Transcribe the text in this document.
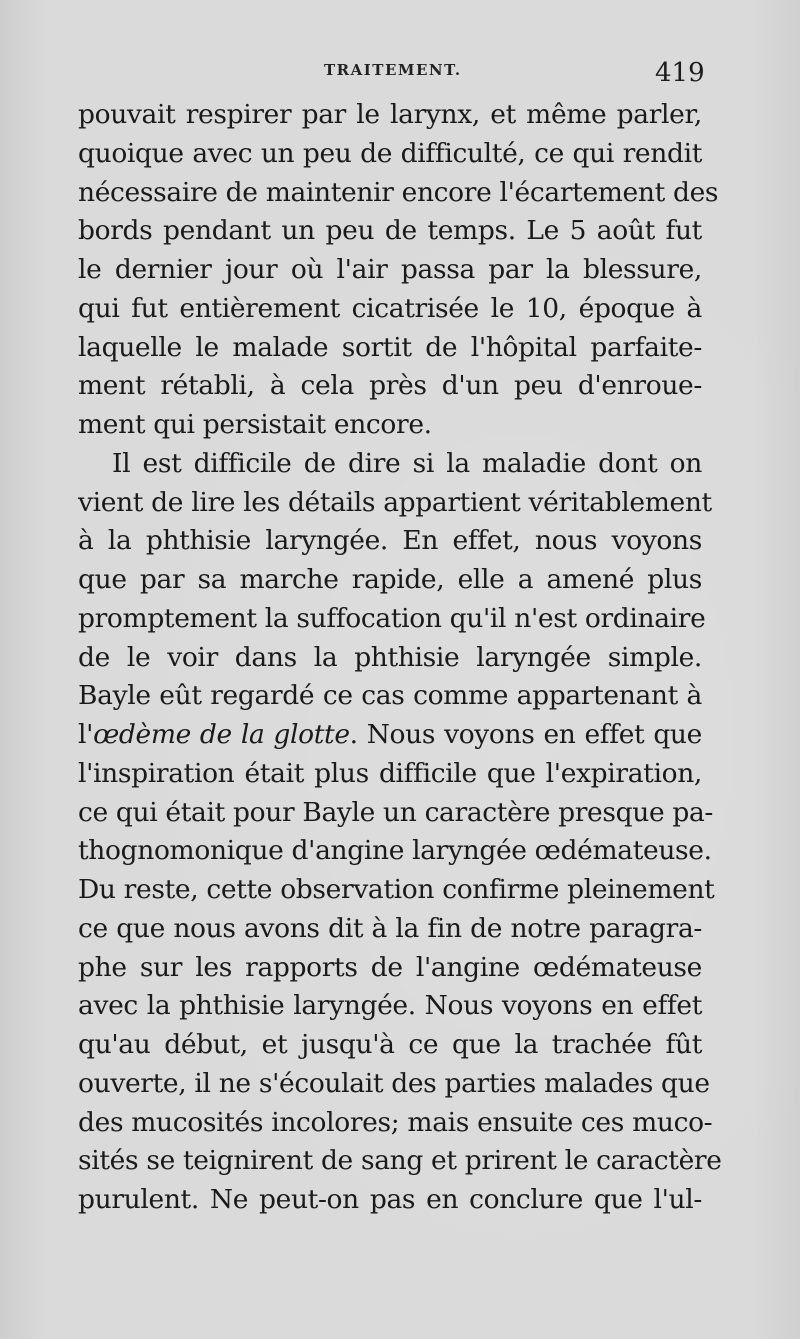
TRAITEMENT.	419
pouvait respirer par le larynx, et même parler,
quoique avec un peu de difficulté, ce qui rendit
nécessaire de maintenir encore l'écartement des
bords pendant un peu de temps. Le 5 août fut
le dernier jour où l'air passa par la blessure,
qui fut entièrement cicatrisée le 10, époque à
laquelle le malade sortit de l'hôpital parfaite-
ment rétabli, à cela près d'un peu d'enroue-
ment qui persistait encore.
Il est difficile de dire si la maladie dont on
vient de lire les détails appartient véritablement
à la phthisie laryngée. En effet, nous voyons
que par sa marche rapide, elle a amené plus
promptement la suffocation qu'il n'est ordinaire
de le voir dans la phthisie laryngée simple.
Bayle eût regardé ce cas comme appartenant à
l'œdème de la glotte. Nous voyons en effet que
l'inspiration était plus difficile que l'expiration,
ce qui était pour Bayle un caractère presque pa-
thognomonique d'angine laryngée œdémateuse.
Du reste, cette observation confirme pleinement
ce que nous avons dit à la fin de notre paragra-
phe sur les rapports de l'angine œdémateuse
avec la phthisie laryngée. Nous voyons en effet
qu'au début, et jusqu'à ce que la trachée fût
ouverte, il ne s'écoulait des parties malades que
des mucosités incolores; mais ensuite ces muco-
sités se teignirent de sang et prirent le caractère
purulent. Ne peut-on pas en conclure que l'ul-
